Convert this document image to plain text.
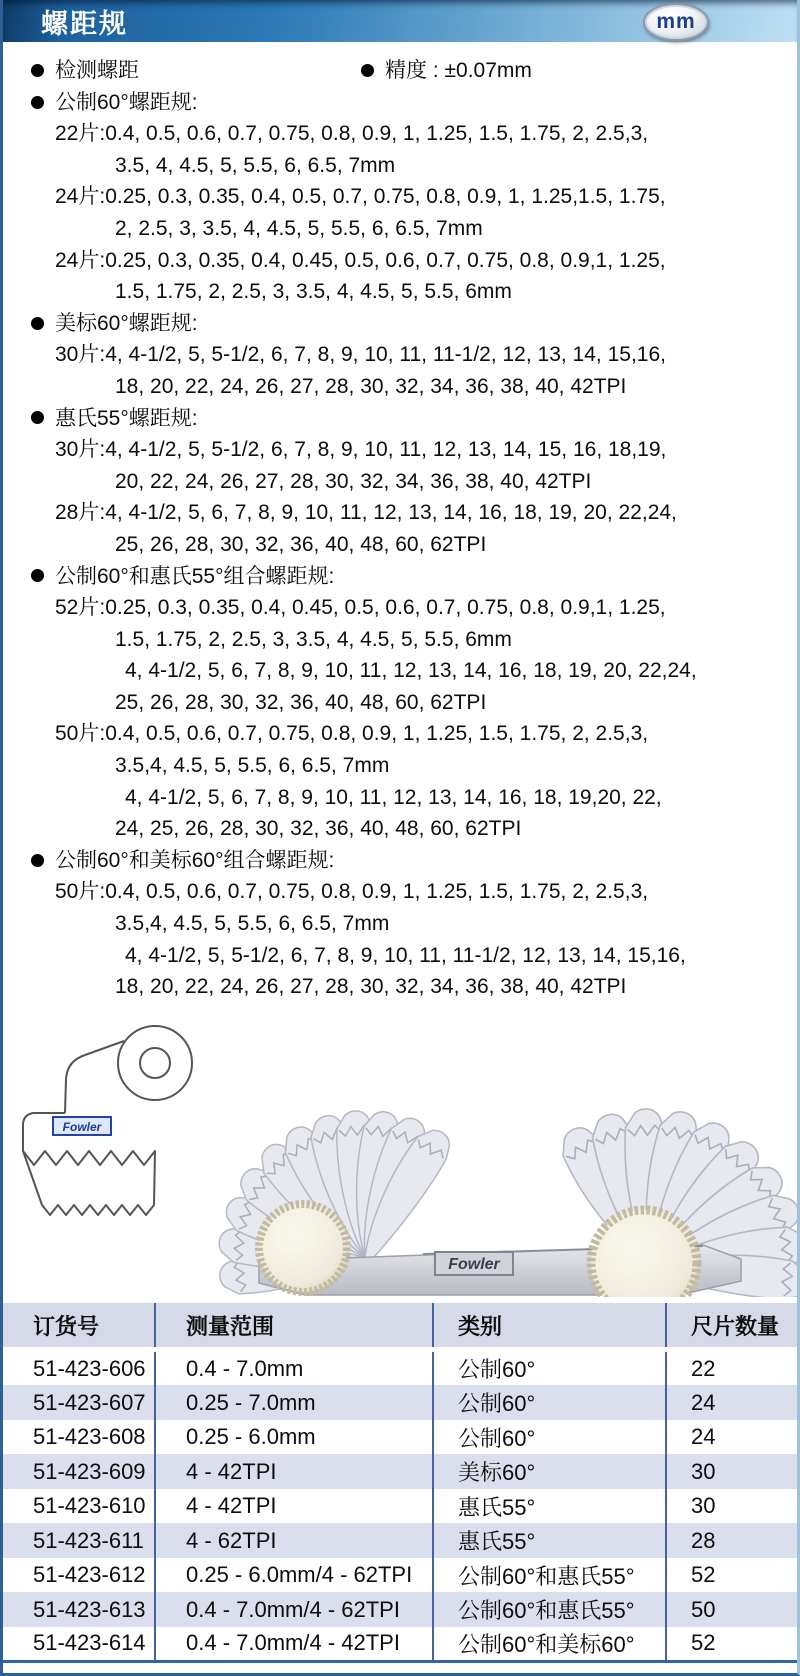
螺距规	mm
检测螺距	精度 : ±0.07mm
公制60°螺距规:
22片:0.4, 0.5, 0.6, 0.7, 0.75, 0.8, 0.9, 1, 1.25, 1.5, 1.75, 2, 2.5,3,
3.5, 4, 4.5, 5, 5.5, 6, 6.5, 7mm
24片:0.25, 0.3, 0.35, 0.4, 0.5, 0.7, 0.75, 0.8, 0.9, 1, 1.25,1.5, 1.75,
2, 2.5, 3, 3.5, 4, 4.5, 5, 5.5, 6, 6.5, 7mm
24片:0.25, 0.3, 0.35, 0.4, 0.45, 0.5, 0.6, 0.7, 0.75, 0.8, 0.9,1, 1.25,
1.5, 1.75, 2, 2.5, 3, 3.5, 4, 4.5, 5, 5.5, 6mm
美标60°螺距规:
30片:4, 4-1/2, 5, 5-1/2, 6, 7, 8, 9, 10, 11, 11-1/2, 12, 13, 14, 15,16,
18, 20, 22, 24, 26, 27, 28, 30, 32, 34, 36, 38, 40, 42TPI
惠氏55°螺距规:
30片:4, 4-1/2, 5, 5-1/2, 6, 7, 8, 9, 10, 11, 12, 13, 14, 15, 16, 18,19,
20, 22, 24, 26, 27, 28, 30, 32, 34, 36, 38, 40, 42TPI
28片:4, 4-1/2, 5, 6, 7, 8, 9, 10, 11, 12, 13, 14, 16, 18, 19, 20, 22,24,
25, 26, 28, 30, 32, 36, 40, 48, 60, 62TPI
公制60°和惠氏55°组合螺距规:
52片:0.25, 0.3, 0.35, 0.4, 0.45, 0.5, 0.6, 0.7, 0.75, 0.8, 0.9,1, 1.25,
1.5, 1.75, 2, 2.5, 3, 3.5, 4, 4.5, 5, 5.5, 6mm
4, 4-1/2, 5, 6, 7, 8, 9, 10, 11, 12, 13, 14, 16, 18, 19, 20, 22,24,
25, 26, 28, 30, 32, 36, 40, 48, 60, 62TPI
50片:0.4, 0.5, 0.6, 0.7, 0.75, 0.8, 0.9, 1, 1.25, 1.5, 1.75, 2, 2.5,3,
3.5,4, 4.5, 5, 5.5, 6, 6.5, 7mm
4, 4-1/2, 5, 6, 7, 8, 9, 10, 11, 12, 13, 14, 16, 18, 19,20, 22,
24, 25, 26, 28, 30, 32, 36, 40, 48, 60, 62TPI
公制60°和美标60°组合螺距规:
50片:0.4, 0.5, 0.6, 0.7, 0.75, 0.8, 0.9, 1, 1.25, 1.5, 1.75, 2, 2.5,3,
3.5,4, 4.5, 5, 5.5, 6, 6.5, 7mm
4, 4-1/2, 5, 5-1/2, 6, 7, 8, 9, 10, 11, 11-1/2, 12, 13, 14, 15,16,
18, 20, 22, 24, 26, 27, 28, 30, 32, 34, 36, 38, 40, 42TPI
Fowler
Fowler
订货号	测量范围	类别	尺片数量
51-423-606	0.4 - 7.0mm	公制60°	22
51-423-607	0.25 - 7.0mm	公制60°	24
51-423-608	0.25 - 6.0mm	公制60°	24
51-423-609	4 - 42TPI	美标60°	30
51-423-610	4 - 42TPI	惠氏55°	30
51-423-611	4 - 62TPI	惠氏55°	28
51-423-612	0.25 - 6.0mm/4 - 62TPI	公制60°和惠氏55°	52
51-423-613	0.4 - 7.0mm/4 - 62TPI	公制60°和惠氏55°	50
51-423-614	0.4 - 7.0mm/4 - 42TPI	公制60°和美标60°	52
